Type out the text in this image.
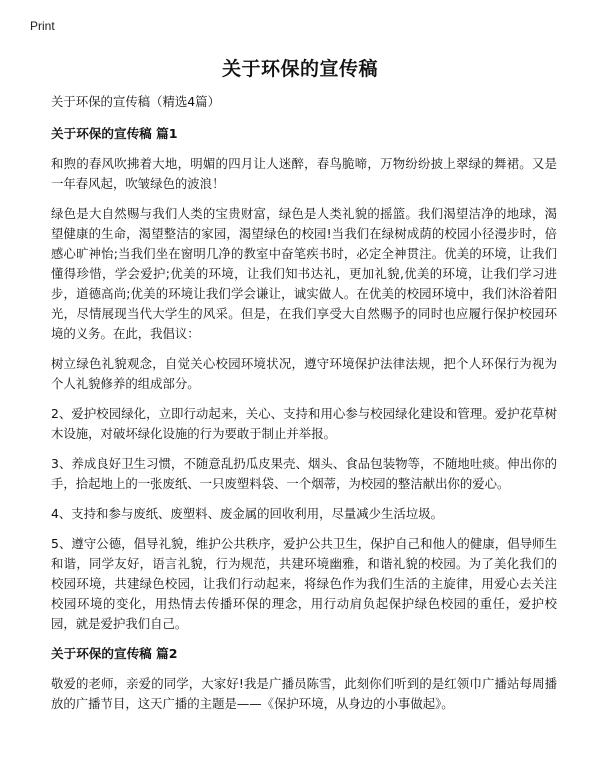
Print
关于环保的宣传稿
关于环保的宣传稿（精选4篇）
关于环保的宣传稿 篇1
和煦的春风吹拂着大地，明媚的四月让人迷醉，春鸟脆啼，万物纷纷披上翠绿的舞裙。又是一年春风起，吹皱绿色的波浪！
绿色是大自然赐与我们人类的宝贵财富，绿色是人类礼貌的摇篮。我们渴望洁净的地球，渴望健康的生命，渴望整洁的家园，渴望绿色的校园!当我们在绿树成荫的校园小径漫步时，倍感心旷神怡;当我们坐在窗明几净的教室中奋笔疾书时，必定全神贯注。优美的环境，让我们懂得珍惜，学会爱护;优美的环境，让我们知书达礼，更加礼貌,优美的环境，让我们学习进步，道德高尚;优美的环境让我们学会谦让，诚实做人。在优美的校园环境中，我们沐浴着阳光，尽情展现当代大学生的风采。但是，在我们享受大自然赐予的同时也应履行保护校园环境的义务。在此，我倡议：
树立绿色礼貌观念，自觉关心校园环境状况，遵守环境保护法律法规，把个人环保行为视为个人礼貌修养的组成部分。
2、爱护校园绿化，立即行动起来，关心、支持和用心参与校园绿化建设和管理。爱护花草树木设施，对破坏绿化设施的行为要敢于制止并举报。
3、养成良好卫生习惯，不随意乱扔瓜皮果壳、烟头、食品包装物等，不随地吐痰。伸出你的手，拾起地上的一张废纸、一只废塑料袋、一个烟蒂，为校园的整洁献出你的爱心。
4、支持和参与废纸、废塑料、废金属的回收利用，尽量减少生活垃圾。
5、遵守公德，倡导礼貌，维护公共秩序，爱护公共卫生，保护自己和他人的健康，倡导师生和谐，同学友好，语言礼貌，行为规范，共建环境幽雅，和谐礼貌的校园。为了美化我们的校园环境，共建绿色校园，让我们行动起来，将绿色作为我们生活的主旋律，用爱心去关注校园环境的变化，用热情去传播环保的理念，用行动肩负起保护绿色校园的重任，爱护校园，就是爱护我们自己。
关于环保的宣传稿 篇2
敬爱的老师，亲爱的同学，大家好!我是广播员陈雪，此刻你们听到的是红领巾广播站每周播放的广播节目，这天广播的主题是——《保护环境，从身边的小事做起》。
